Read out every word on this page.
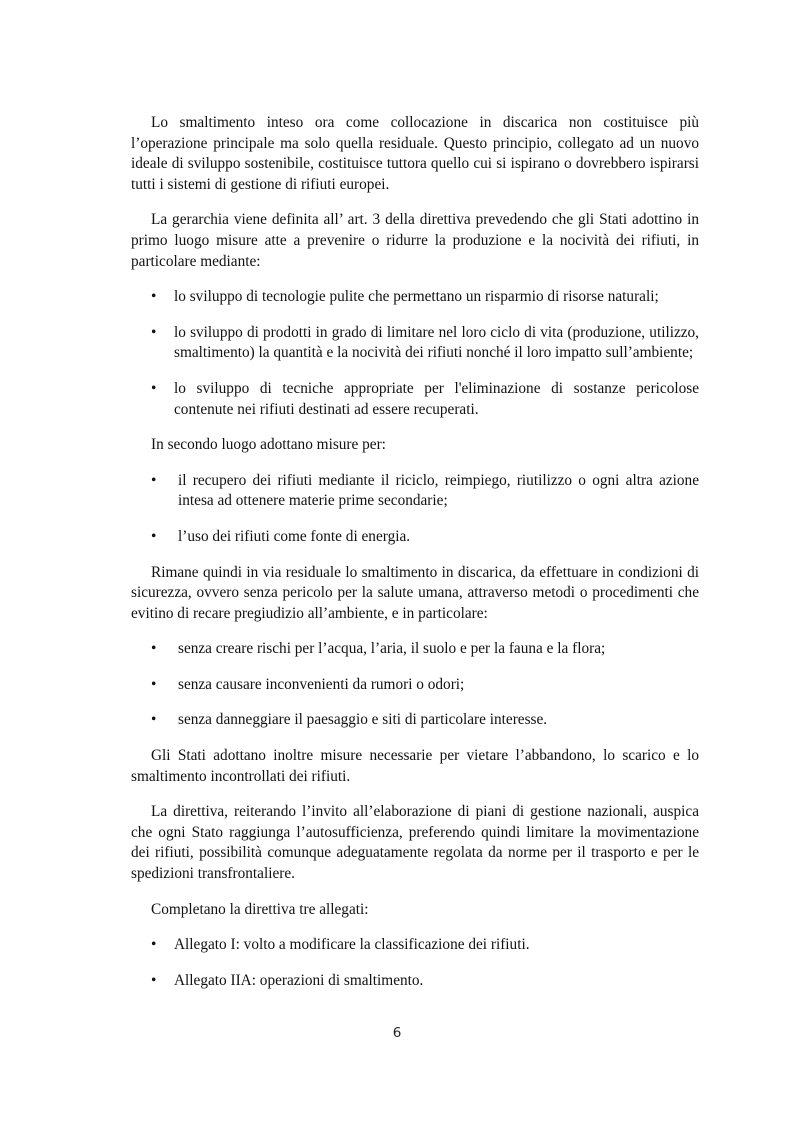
Lo smaltimento inteso ora come collocazione in discarica non costituisce più l’operazione principale ma solo quella residuale. Questo principio, collegato ad un nuovo ideale di sviluppo sostenibile, costituisce tuttora quello cui si ispirano o dovrebbero ispirarsi tutti i sistemi di gestione di rifiuti europei.

La gerarchia viene definita all’ art. 3 della direttiva prevedendo che gli Stati adottino in primo luogo misure atte a prevenire o ridurre la produzione e la nocività dei rifiuti, in particolare mediante:

• lo sviluppo di tecnologie pulite che permettano un risparmio di risorse naturali;
• lo sviluppo di prodotti in grado di limitare nel loro ciclo di vita (produzione, utilizzo, smaltimento) la quantità e la nocività dei rifiuti nonché il loro impatto sull’ambiente;
• lo sviluppo di tecniche appropriate per l'eliminazione di sostanze pericolose contenute nei rifiuti destinati ad essere recuperati.

In secondo luogo adottano misure per:

• il recupero dei rifiuti mediante il riciclo, reimpiego, riutilizzo o ogni altra azione intesa ad ottenere materie prime secondarie;
• l’uso dei rifiuti come fonte di energia.

Rimane quindi in via residuale lo smaltimento in discarica, da effettuare in condizioni di sicurezza, ovvero senza pericolo per la salute umana, attraverso metodi o procedimenti che evitino di recare pregiudizio all’ambiente, e in particolare:

• senza creare rischi per l’acqua, l’aria, il suolo e per la fauna e la flora;
• senza causare inconvenienti da rumori o odori;
• senza danneggiare il paesaggio e siti di particolare interesse.

Gli Stati adottano inoltre misure necessarie per vietare l’abbandono, lo scarico e lo smaltimento incontrollati dei rifiuti.

La direttiva, reiterando l’invito all’elaborazione di piani di gestione nazionali, auspica che ogni Stato raggiunga l’autosufficienza, preferendo quindi limitare la movimentazione dei rifiuti, possibilità comunque adeguatamente regolata da norme per il trasporto e per le spedizioni transfrontaliere.

Completano la direttiva tre allegati:

• Allegato I: volto a modificare la classificazione dei rifiuti.
• Allegato IIA: operazioni di smaltimento.
6
